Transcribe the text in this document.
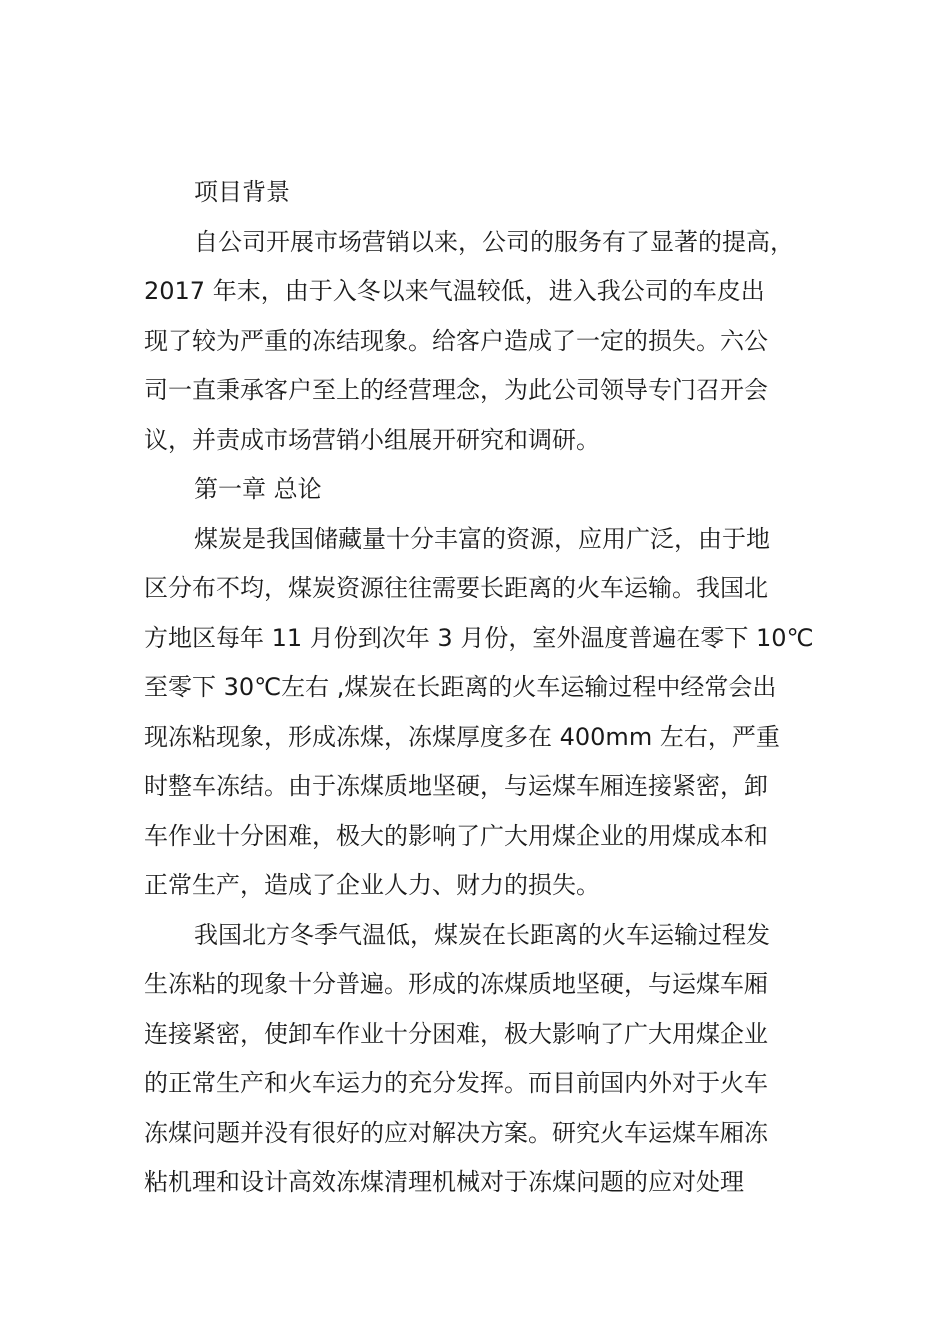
项目背景
自公司开展市场营销以来，公司的服务有了显著的提高，
2017 年末，由于入冬以来气温较低，进入我公司的车皮出
现了较为严重的冻结现象。给客户造成了一定的损失。六公
司一直秉承客户至上的经营理念，为此公司领导专门召开会
议，并责成市场营销小组展开研究和调研。
第一章 总论
煤炭是我国储藏量十分丰富的资源，应用广泛，由于地
区分布不均，煤炭资源往往需要长距离的火车运输。我国北
方地区每年 11 月份到次年 3 月份，室外温度普遍在零下 10℃
至零下 30℃左右 ,煤炭在长距离的火车运输过程中经常会出
现冻粘现象，形成冻煤，冻煤厚度多在 400mm 左右，严重
时整车冻结。由于冻煤质地坚硬，与运煤车厢连接紧密，卸
车作业十分困难，极大的影响了广大用煤企业的用煤成本和
正常生产，造成了企业人力、财力的损失。
我国北方冬季气温低，煤炭在长距离的火车运输过程发
生冻粘的现象十分普遍。形成的冻煤质地坚硬，与运煤车厢
连接紧密，使卸车作业十分困难，极大影响了广大用煤企业
的正常生产和火车运力的充分发挥。而目前国内外对于火车
冻煤问题并没有很好的应对解决方案。研究火车运煤车厢冻
粘机理和设计高效冻煤清理机械对于冻煤问题的应对处理
